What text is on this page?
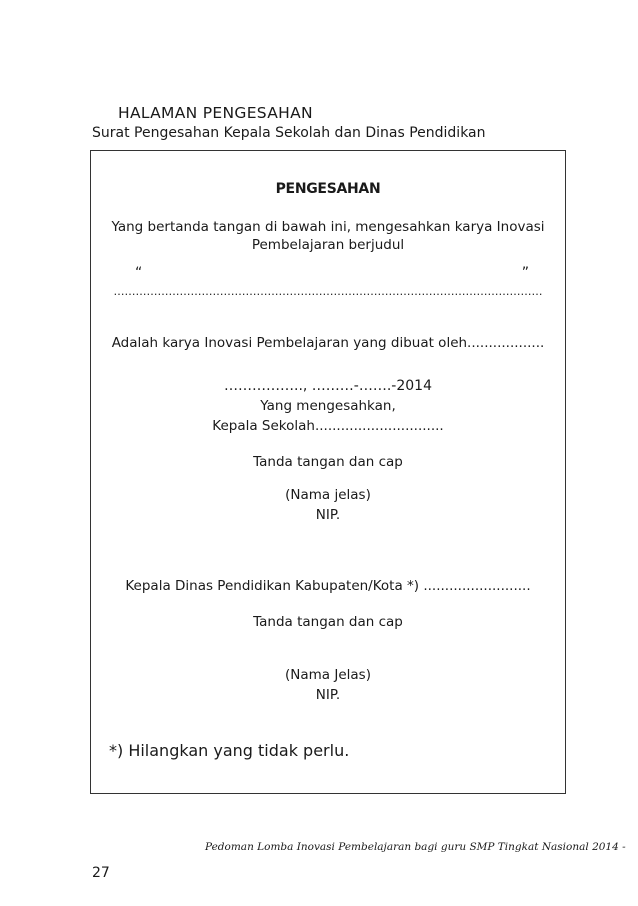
HALAMAN PENGESAHAN
Surat Pengesahan Kepala Sekolah dan Dinas Pendidikan
PENGESAHAN
Yang bertanda tangan di bawah ini, mengesahkan karya Inovasi
Pembelajaran berjudul
“	”
………………………………………………………………………………………………………
Adalah karya Inovasi Pembelajaran yang dibuat oleh..................
…………….., ………-…….-2014
Yang mengesahkan,
Kepala Sekolah..............................
Tanda tangan dan cap
(Nama jelas)
NIP.
Kepala Dinas Pendidikan Kabupaten/Kota *) .........................
Tanda tangan dan cap
(Nama Jelas)
NIP.
*) Hilangkan yang tidak perlu.
Pedoman Lomba Inovasi Pembelajaran bagi guru SMP Tingkat Nasional 2014 -
27
